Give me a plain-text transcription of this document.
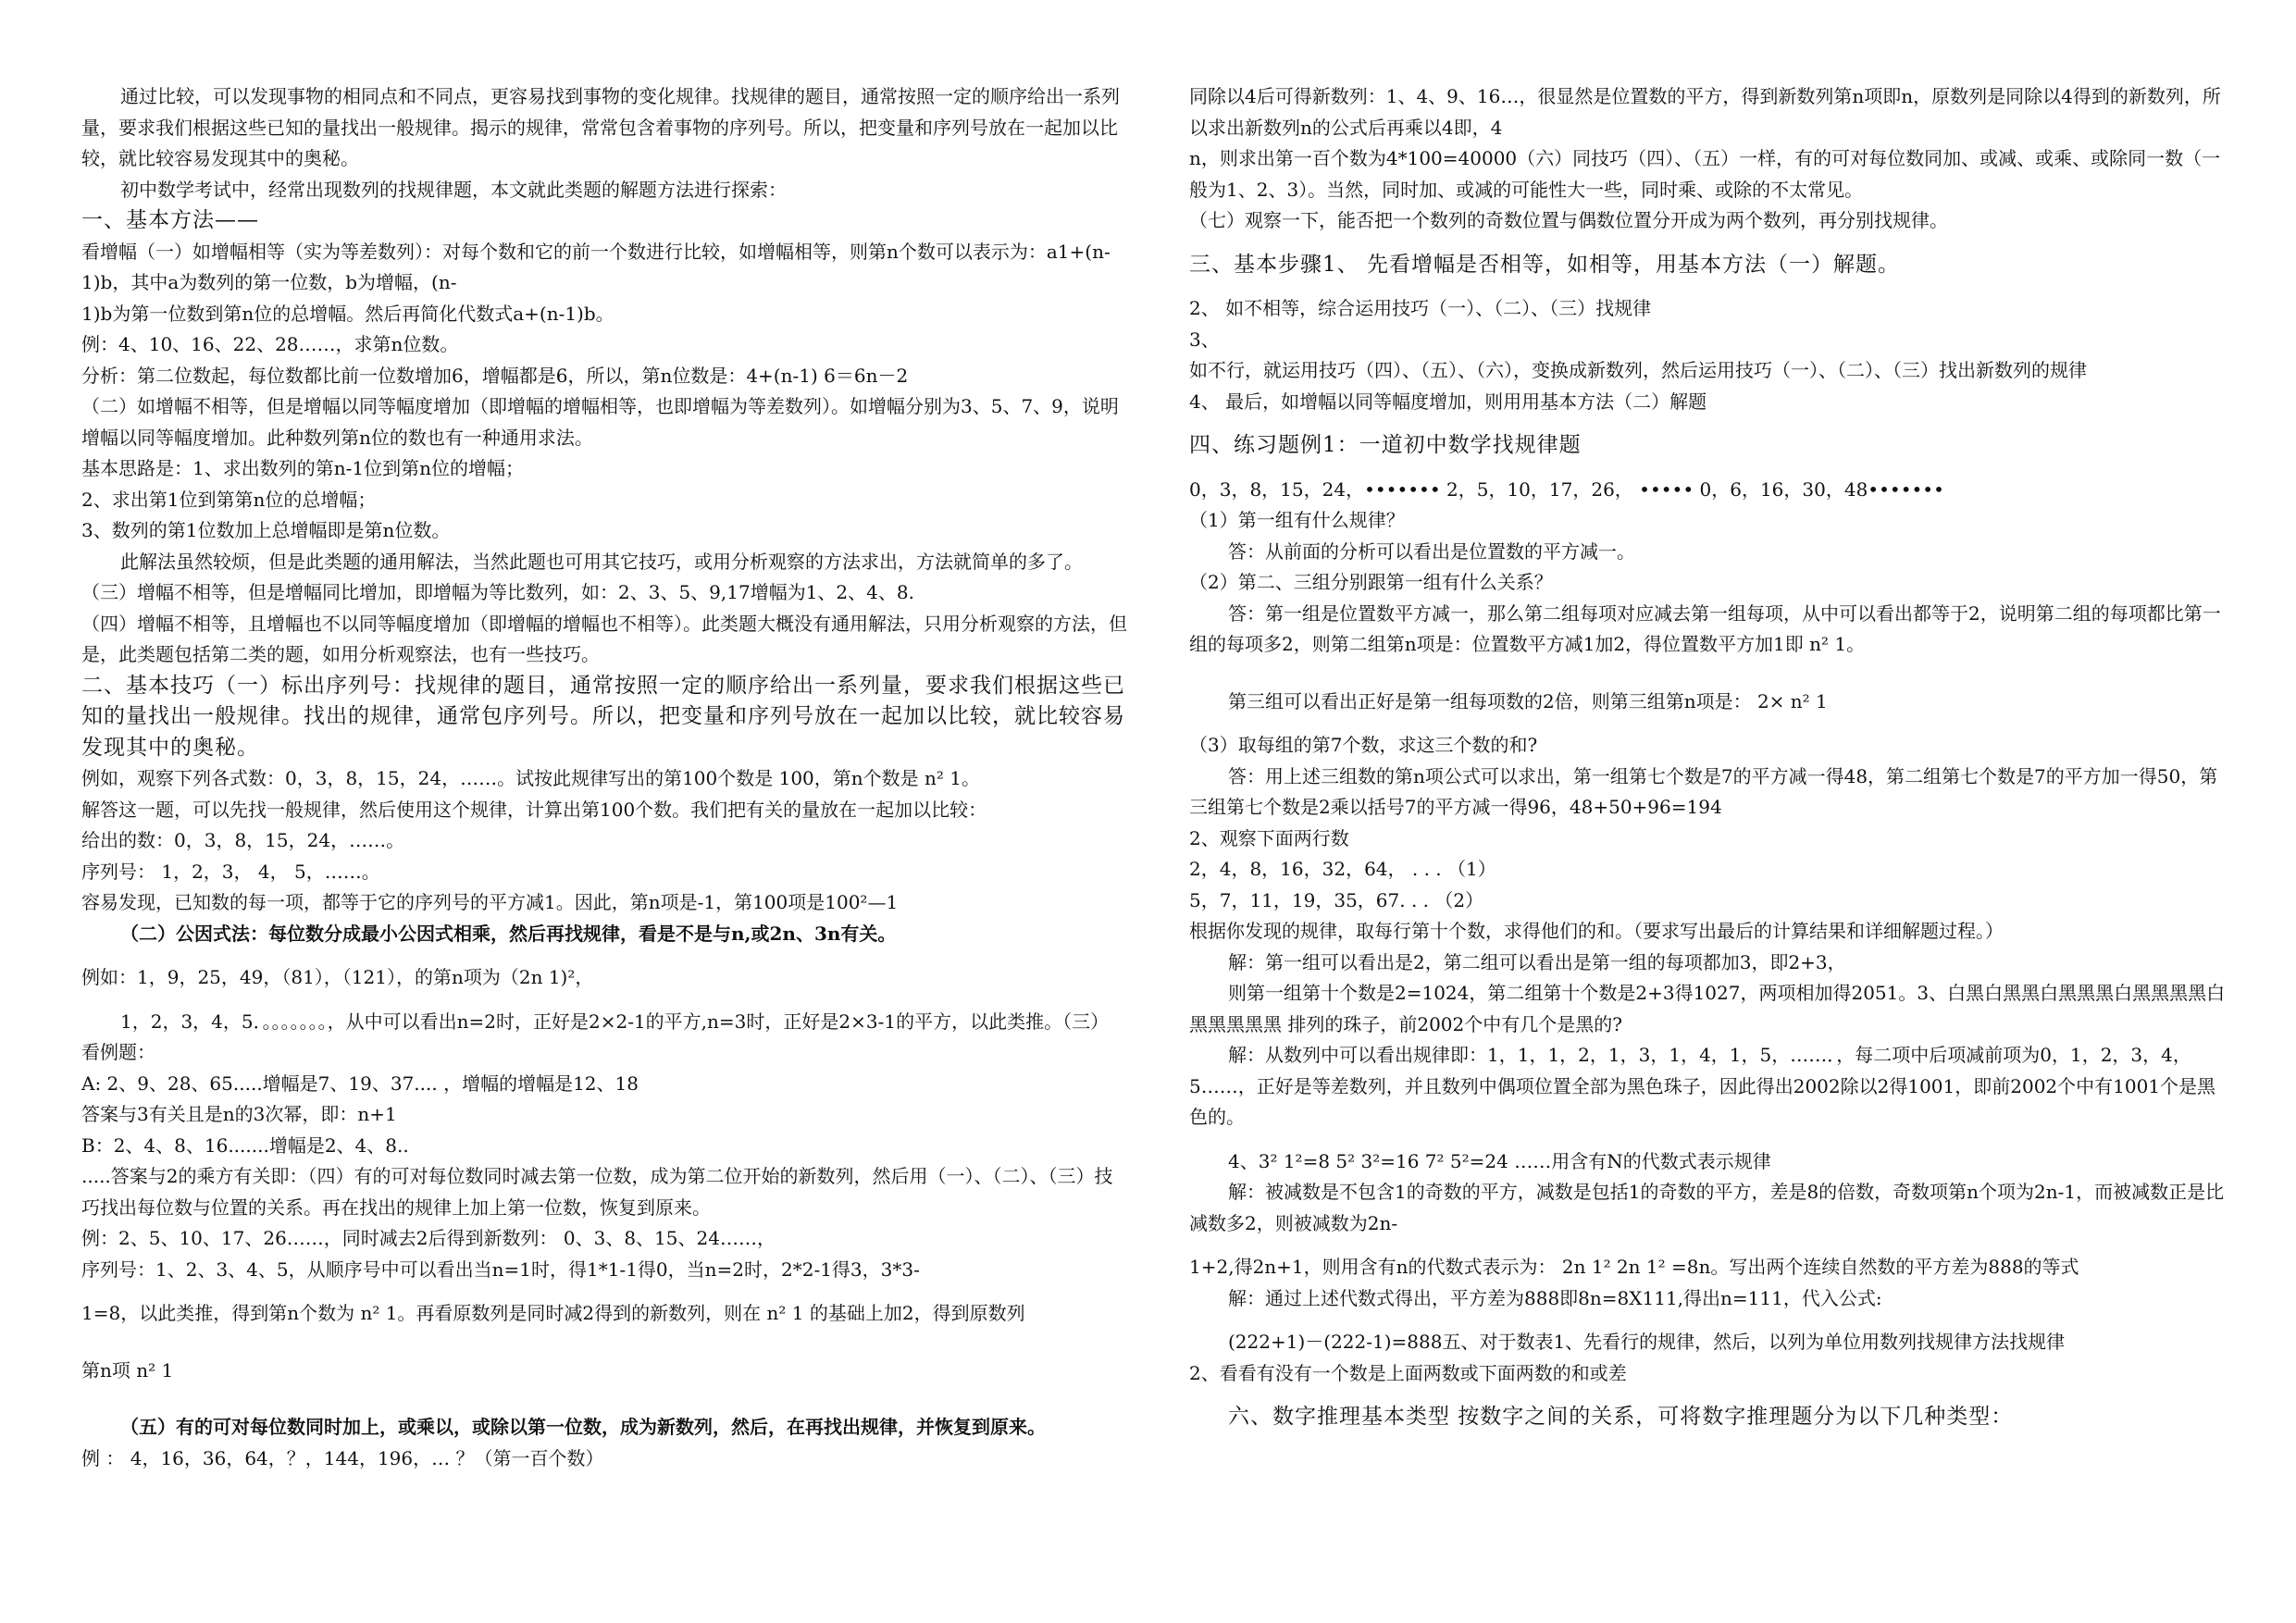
通过比较，可以发现事物的相同点和不同点，更容易找到事物的变化规律。找规律的题目，通常按照一定的顺序给出一系列量，要求我们根据这些已知的量找出一般规律。揭示的规律，常常包含着事物的序列号。所以，把变量和序列号放在一起加以比较，就比较容易发现其中的奥秘。

初中数学考试中，经常出现数列的找规律题，本文就此类题的解题方法进行探索：

一、基本方法——

看增幅（一）如增幅相等（实为等差数列）：对每个数和它的前一个数进行比较，如增幅相等，则第n个数可以表示为：a1+(n-1)b，其中a为数列的第一位数，b为增幅，(n-

1)b为第一位数到第n位的总增幅。然后再简化代数式a+(n-1)b。

例：4、10、16、22、28……，求第n位数。

分析：第二位数起，每位数都比前一位数增加6，增幅都是6，所以，第n位数是：4+(n-1) 6＝6n－2

（二）如增幅不相等，但是增幅以同等幅度增加（即增幅的增幅相等，也即增幅为等差数列）。如增幅分别为3、5、7、9，说明增幅以同等幅度增加。此种数列第n位的数也有一种通用求法。

基本思路是：1、求出数列的第n-1位到第n位的增幅；

2、求出第1位到第第n位的总增幅；

3、数列的第1位数加上总增幅即是第n位数。

此解法虽然较烦，但是此类题的通用解法，当然此题也可用其它技巧，或用分析观察的方法求出，方法就简单的多了。

（三）增幅不相等，但是增幅同比增加，即增幅为等比数列，如：2、3、5、9,17增幅为1、2、4、8.

（四）增幅不相等，且增幅也不以同等幅度增加（即增幅的增幅也不相等）。此类题大概没有通用解法，只用分析观察的方法，但是，此类题包括第二类的题，如用分析观察法，也有一些技巧。

二、基本技巧（一）标出序列号：找规律的题目，通常按照一定的顺序给出一系列量，要求我们根据这些已知的量找出一般规律。找出的规律，通常包序列号。所以，把变量和序列号放在一起加以比较，就比较容易发现其中的奥秘。

例如，观察下列各式数：0，3，8，15，24，……。试按此规律写出的第100个数是 100，第n个数是 n² 1。

解答这一题，可以先找一般规律，然后使用这个规律，计算出第100个数。我们把有关的量放在一起加以比较：

给出的数：0，3，8，15，24，……。

序列号： 1，2，3， 4， 5，……。

容易发现，已知数的每一项，都等于它的序列号的平方减1。因此，第n项是-1，第100项是100²—1

（二）公因式法：每位数分成最小公因式相乘，然后再找规律，看是不是与n,或2n、3n有关。

例如：1，9，25，49，（81），（121），的第n项为（2n 1)²，

1，2，3，4，5．。。。。。。。，从中可以看出n=2时，正好是2×2-1的平方,n=3时，正好是2×3-1的平方，以此类推。（三）看例题：

A: 2、9、28、65.....增幅是7、19、37.... ，增幅的增幅是12、18

答案与3有关且是n的3次幂，即：n+1

B：2、4、8、16.......增幅是2、4、8..

.....答案与2的乘方有关即：（四）有的可对每位数同时减去第一位数，成为第二位开始的新数列，然后用（一）、（二）、（三）技巧找出每位数与位置的关系。再在找出的规律上加上第一位数，恢复到原来。

例：2、5、10、17、26……，同时减去2后得到新数列： 0、3、8、15、24……，

序列号：1、2、3、4、5，从顺序号中可以看出当n=1时，得1*1-1得0，当n=2时，2*2-1得3，3*3-

1=8，以此类推，得到第n个数为 n² 1。再看原数列是同时减2得到的新数列，则在 n² 1 的基础上加2，得到原数列

第n项 n² 1

（五）有的可对每位数同时加上，或乘以，或除以第一位数，成为新数列，然后，在再找出规律，并恢复到原来。

例 ： 4，16，36，64，？，144，196，… ？（第一百个数）

同除以4后可得新数列：1、4、9、16…，很显然是位置数的平方，得到新数列第n项即n，原数列是同除以4得到的新数列，所以求出新数列n的公式后再乘以4即，4

n，则求出第一百个数为4*100=40000（六）同技巧（四）、（五）一样，有的可对每位数同加、或减、或乘、或除同一数（一般为1、2、3）。当然，同时加、或减的可能性大一些，同时乘、或除的不太常见。

（七）观察一下，能否把一个数列的奇数位置与偶数位置分开成为两个数列，再分别找规律。

三、基本步骤1、 先看增幅是否相等，如相等，用基本方法（一）解题。

2、 如不相等，综合运用技巧（一）、（二）、（三）找规律

3、

如不行，就运用技巧（四）、（五）、（六），变换成新数列，然后运用技巧（一）、（二）、（三）找出新数列的规律

4、 最后，如增幅以同等幅度增加，则用用基本方法（二）解题

四、练习题例1：一道初中数学找规律题

0，3，8，15，24，••••••• 2，5，10，17，26， ••••• 0，6，16，30，48•••••••

（1）第一组有什么规律？

答：从前面的分析可以看出是位置数的平方减一。

（2）第二、三组分别跟第一组有什么关系？

答：第一组是位置数平方减一，那么第二组每项对应减去第一组每项，从中可以看出都等于2，说明第二组的每项都比第一组的每项多2，则第二组第n项是：位置数平方减1加2，得位置数平方加1即 n² 1。

第三组可以看出正好是第一组每项数的2倍，则第三组第n项是： 2× n² 1

（3）取每组的第7个数，求这三个数的和?

答：用上述三组数的第n项公式可以求出，第一组第七个数是7的平方减一得48，第二组第七个数是7的平方加一得50，第三组第七个数是2乘以括号7的平方减一得96，48+50+96=194

2、观察下面两行数

2，4，8，16，32，64， . . . （1）

5，7，11，19，35，67. . . （2）

根据你发现的规律，取每行第十个数，求得他们的和。（要求写出最后的计算结果和详细解题过程。）

解：第一组可以看出是2，第二组可以看出是第一组的每项都加3，即2+3，

则第一组第十个数是2=1024，第二组第十个数是2+3得1027，两项相加得2051。3、白黑白黑黑白黑黑黑白黑黑黑黑白黑黑黑黑黑 排列的珠子，前2002个中有几个是黑的?

解：从数列中可以看出规律即：1，1，1，2，1，3，1，4，1，5，……．，每二项中后项减前项为0，1，2，3，4，5……，正好是等差数列，并且数列中偶项位置全部为黑色珠子，因此得出2002除以2得1001，即前2002个中有1001个是黑色的。

4、3² 1²=8 5² 3²=16 7² 5²=24 ……用含有N的代数式表示规律

解：被减数是不包含1的奇数的平方，减数是包括1的奇数的平方，差是8的倍数，奇数项第n个项为2n-1，而被减数正是比减数多2，则被减数为2n-

1+2,得2n+1，则用含有n的代数式表示为： 2n 1² 2n 1² =8n。写出两个连续自然数的平方差为888的等式

解：通过上述代数式得出，平方差为888即8n=8X111,得出n=111，代入公式:

(222+1)－(222-1)=888五、对于数表1、先看行的规律，然后，以列为单位用数列找规律方法找规律

2、看看有没有一个数是上面两数或下面两数的和或差

六、数字推理基本类型 按数字之间的关系，可将数字推理题分为以下几种类型：
